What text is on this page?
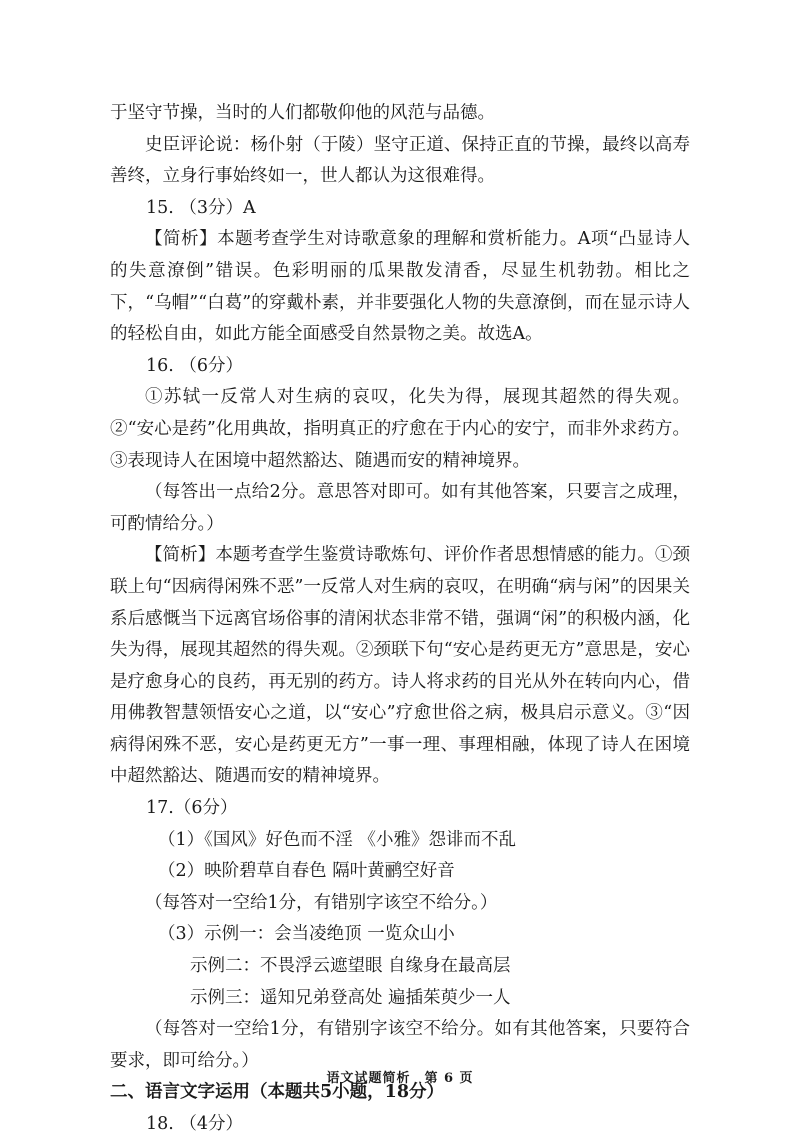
于坚守节操，当时的人们都敬仰他的风范与品德。

史臣评论说：杨仆射（于陵）坚守正道、保持正直的节操，最终以高寿善终，立身行事始终如一，世人都认为这很难得。

15. （3分）A

【简析】本题考查学生对诗歌意象的理解和赏析能力。A项“凸显诗人的失意潦倒”错误。色彩明丽的瓜果散发清香，尽显生机勃勃。相比之下，“乌帽”“白葛”的穿戴朴素，并非要强化人物的失意潦倒，而在显示诗人的轻松自由，如此方能全面感受自然景物之美。故选A。

16. （6分）

①苏轼一反常人对生病的哀叹，化失为得，展现其超然的得失观。②“安心是药”化用典故，指明真正的疗愈在于内心的安宁，而非外求药方。③表现诗人在困境中超然豁达、随遇而安的精神境界。

（每答出一点给2分。意思答对即可。如有其他答案，只要言之成理，可酌情给分。）

【简析】本题考查学生鉴赏诗歌炼句、评价作者思想情感的能力。①颈联上句“因病得闲殊不恶”一反常人对生病的哀叹，在明确“病与闲”的因果关系后感慨当下远离官场俗事的清闲状态非常不错，强调“闲”的积极内涵，化失为得，展现其超然的得失观。②颈联下句“安心是药更无方”意思是，安心是疗愈身心的良药，再无别的药方。诗人将求药的目光从外在转向内心，借用佛教智慧领悟安心之道，以“安心”疗愈世俗之病，极具启示意义。③“因病得闲殊不恶，安心是药更无方”一事一理、事理相融，体现了诗人在困境中超然豁达、随遇而安的精神境界。

17.（6分）

（1）《国风》好色而不淫 《小雅》怨诽而不乱

（2）映阶碧草自春色 隔叶黄鹂空好音

（每答对一空给1分，有错别字该空不给分。）

（3）示例一：会当凌绝顶 一览众山小

示例二：不畏浮云遮望眼 自缘身在最高层

示例三：遥知兄弟登高处 遍插茱萸少一人

（每答对一空给1分，有错别字该空不给分。如有其他答案，只要符合要求，即可给分。）

二、语言文字运用（本题共5小题，18分）

18. （4分）

语文试题简析　第 6 页
